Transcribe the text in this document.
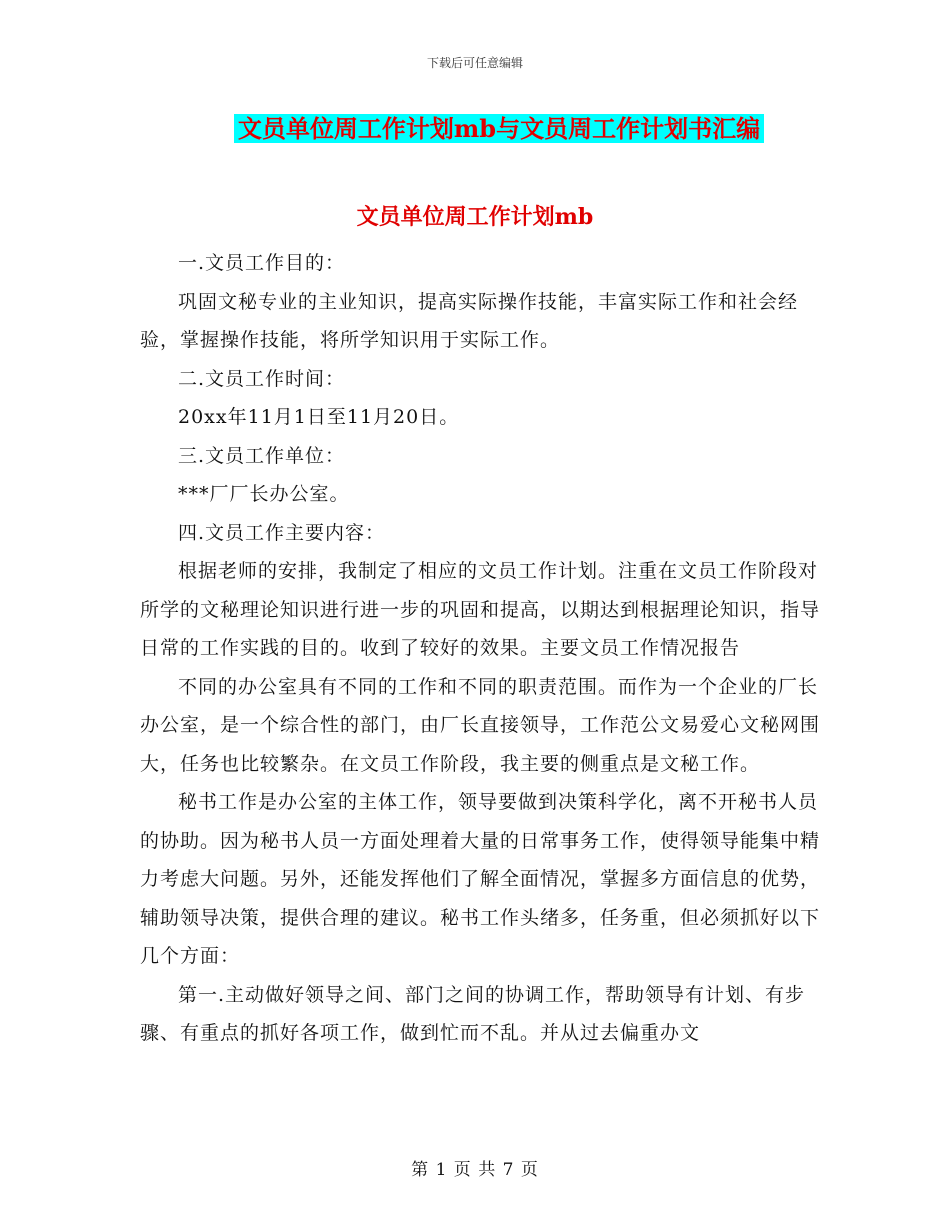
下载后可任意编辑
文员单位周工作计划mb与文员周工作计划书汇编
文员单位周工作计划mb

一.文员工作目的：

巩固文秘专业的主业知识，提高实际操作技能，丰富实际工作和社会经验，掌握操作技能，将所学知识用于实际工作。

二.文员工作时间：

20xx年11月1日至11月20日。

三.文员工作单位：

***厂厂长办公室。

四.文员工作主要内容：

根据老师的安排，我制定了相应的文员工作计划。注重在文员工作阶段对所学的文秘理论知识进行进一步的巩固和提高，以期达到根据理论知识，指导日常的工作实践的目的。收到了较好的效果。主要文员工作情况报告

不同的办公室具有不同的工作和不同的职责范围。而作为一个企业的厂长办公室，是一个综合性的部门，由厂长直接领导，工作范公文易爱心文秘网围大，任务也比较繁杂。在文员工作阶段，我主要的侧重点是文秘工作。

秘书工作是办公室的主体工作，领导要做到决策科学化，离不开秘书人员的协助。因为秘书人员一方面处理着大量的日常事务工作，使得领导能集中精力考虑大问题。另外，还能发挥他们了解全面情况，掌握多方面信息的优势，辅助领导决策，提供合理的建议。秘书工作头绪多，任务重，但必须抓好以下几个方面：

第一.主动做好领导之间、部门之间的协调工作，帮助领导有计划、有步骤、有重点的抓好各项工作，做到忙而不乱。并从过去偏重办文

第 1 页 共 7 页
